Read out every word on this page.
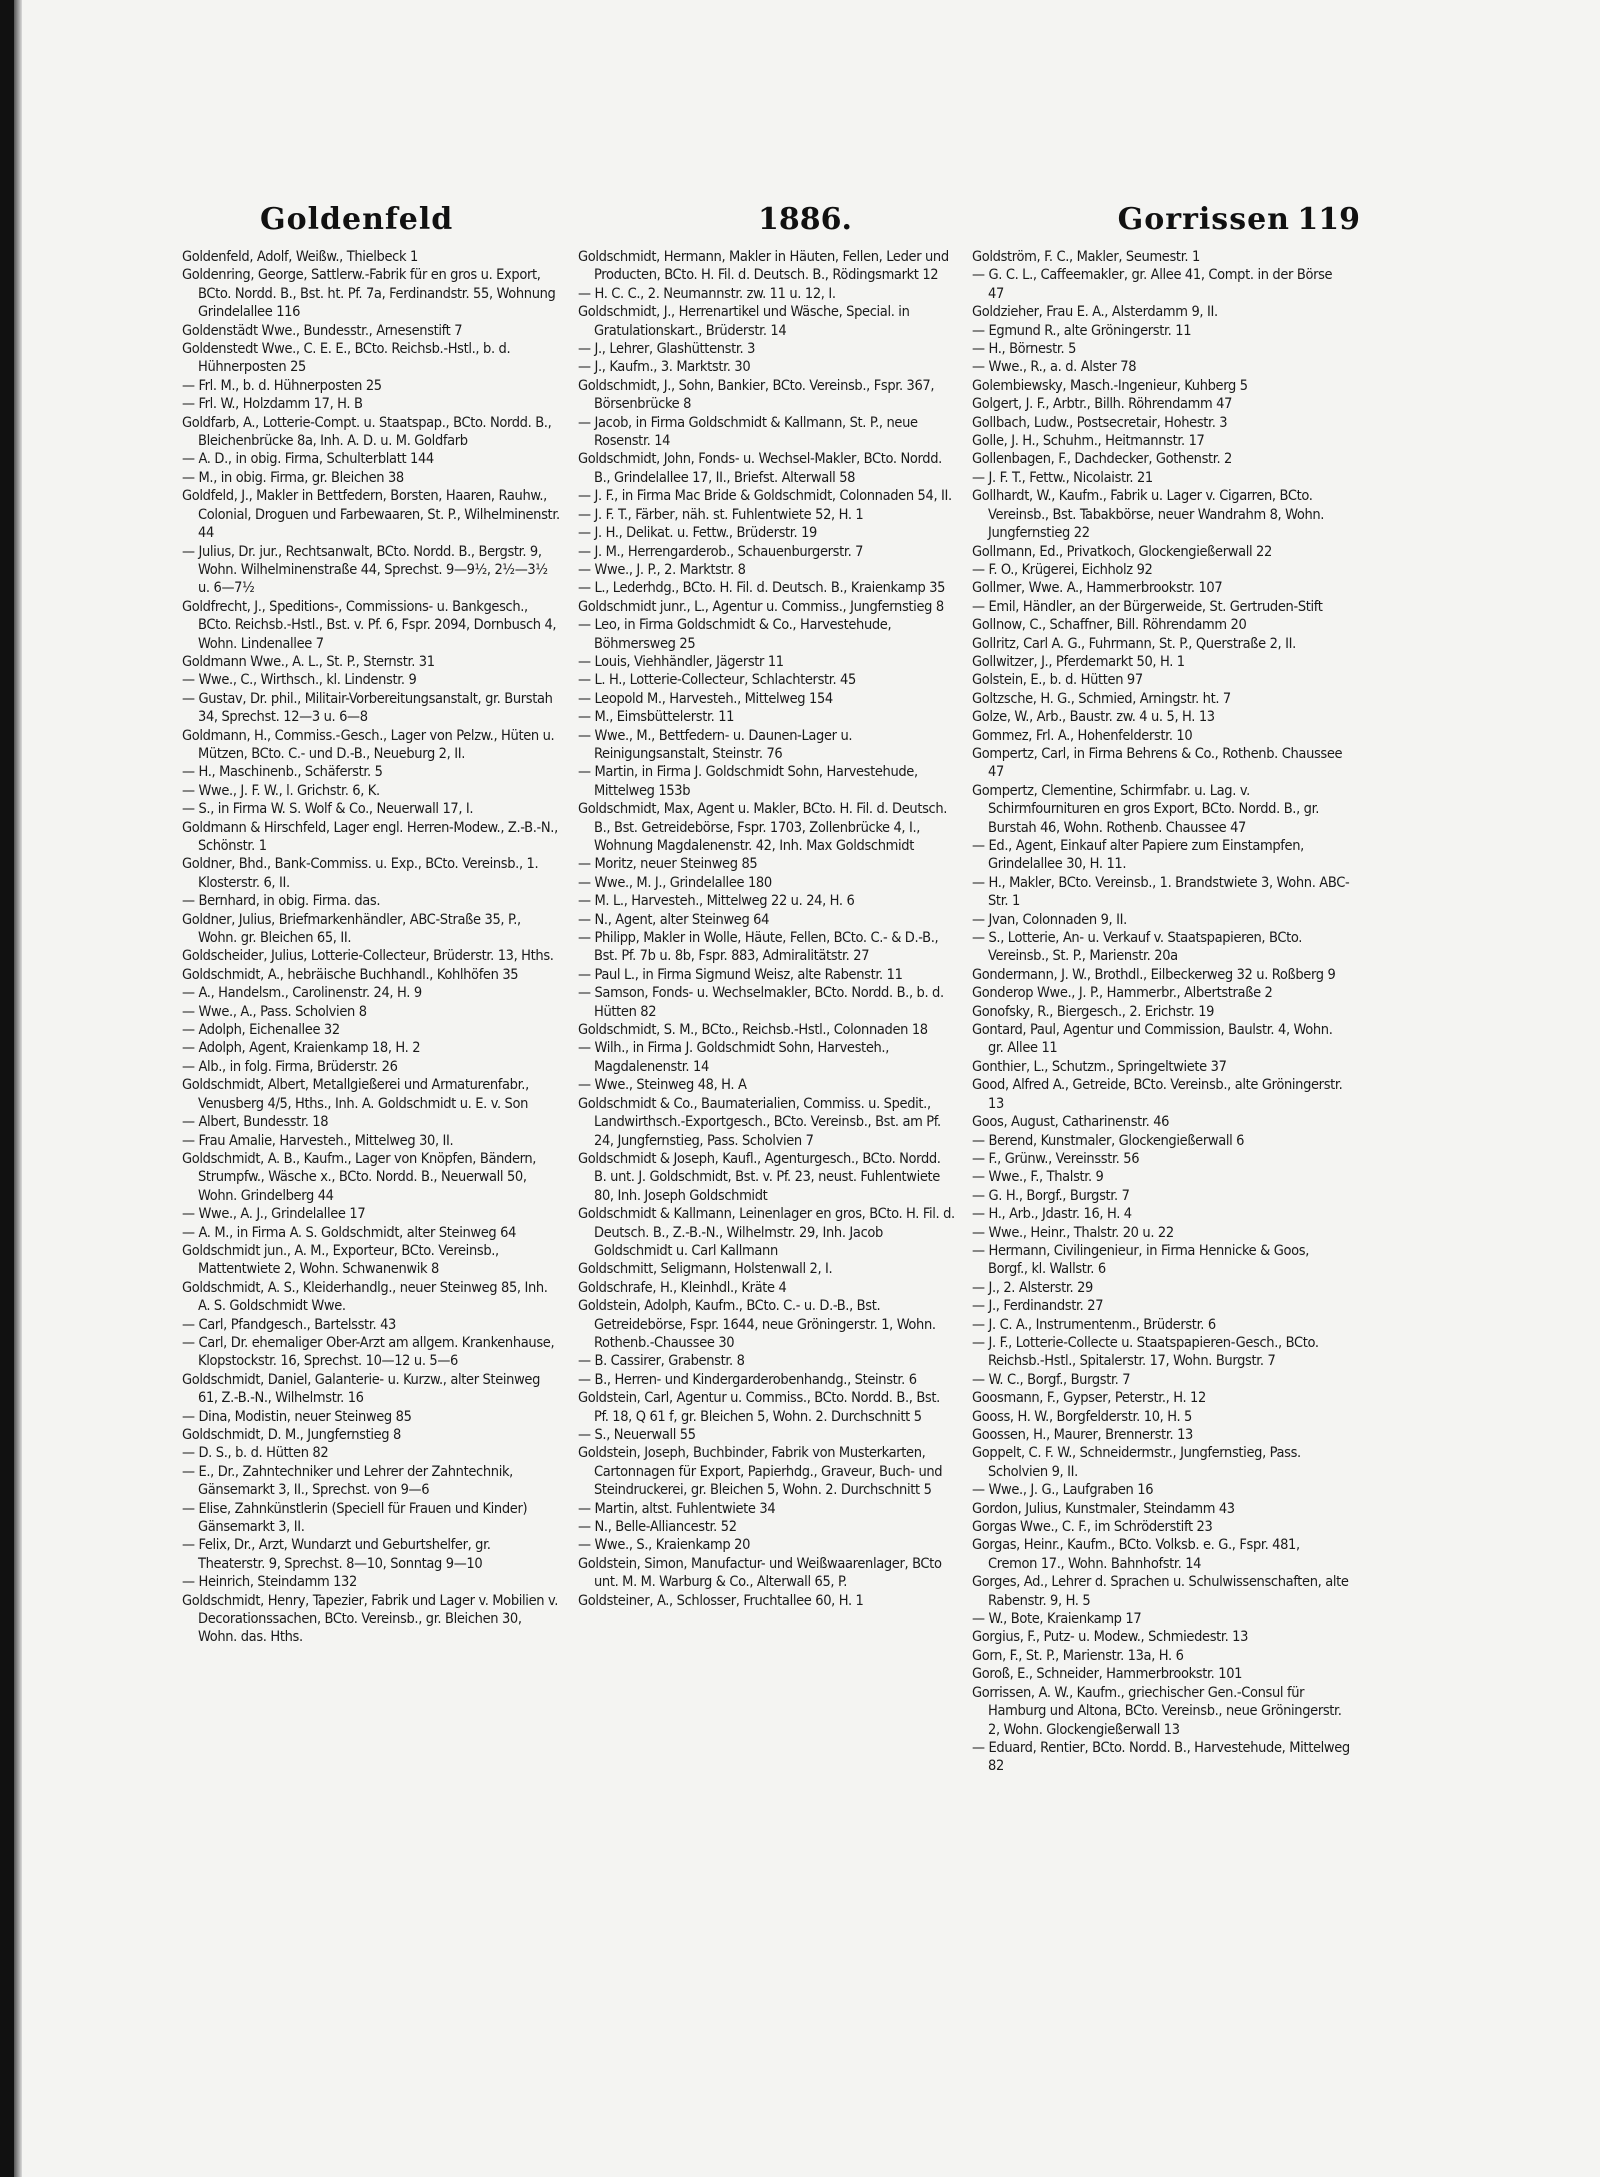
Goldenfeld	1886.	Gorrissen 119

Goldenfeld, Adolf, Weißw., Thielbeck 1

Goldenring, George, Sattlerw.-Fabrik für en gros u. Export, BCto. Nordd. B., Bst. ht. Pf. 7a, Ferdinandstr. 55, Wohnung Grindelallee 116

Goldenstädt Wwe., Bundesstr., Arnesenstift 7

Goldenstedt Wwe., C. E. E., BCto. Reichsb.-Hstl., b. d. Hühnerposten 25

— Frl. M., b. d. Hühnerposten 25

— Frl. W., Holzdamm 17, H. B

Goldfarb, A., Lotterie-Compt. u. Staatspap., BCto. Nordd. B., Bleichenbrücke 8a, Inh. A. D. u. M. Goldfarb

— A. D., in obig. Firma, Schulterblatt 144

— M., in obig. Firma, gr. Bleichen 38

Goldfeld, J., Makler in Bettfedern, Borsten, Haaren, Rauhw., Colonial, Droguen und Farbewaaren, St. P., Wilhelminenstr. 44

— Julius, Dr. jur., Rechtsanwalt, BCto. Nordd. B., Bergstr. 9, Wohn. Wilhelminenstraße 44, Sprechst. 9—9½, 2½—3½ u. 6—7½

Goldfrecht, J., Speditions-, Commissions- u. Bankgesch., BCto. Reichsb.-Hstl., Bst. v. Pf. 6, Fspr. 2094, Dornbusch 4, Wohn. Lindenallee 7

Goldmann Wwe., A. L., St. P., Sternstr. 31

— Wwe., C., Wirthsch., kl. Lindenstr. 9

— Gustav, Dr. phil., Militair-Vorbereitungsanstalt, gr. Burstah 34, Sprechst. 12—3 u. 6—8

Goldmann, H., Commiss.-Gesch., Lager von Pelzw., Hüten u. Mützen, BCto. C.- und D.-B., Neueburg 2, II.

— H., Maschinenb., Schäferstr. 5

— Wwe., J. F. W., l. Grichstr. 6, K.

— S., in Firma W. S. Wolf & Co., Neuerwall 17, I.

Goldmann & Hirschfeld, Lager engl. Herren-Modew., Z.-B.-N., Schönstr. 1

Goldner, Bhd., Bank-Commiss. u. Exp., BCto. Vereinsb., 1. Klosterstr. 6, II.

— Bernhard, in obig. Firma. das.

Goldner, Julius, Briefmarkenhändler, ABC-Straße 35, P., Wohn. gr. Bleichen 65, II.

Goldscheider, Julius, Lotterie-Collecteur, Brüderstr. 13, Hths.

Goldschmidt, A., hebräische Buchhandl., Kohlhöfen 35

— A., Handelsm., Carolinenstr. 24, H. 9

— Wwe., A., Pass. Scholvien 8

— Adolph, Eichenallee 32

— Adolph, Agent, Kraienkamp 18, H. 2

— Alb., in folg. Firma, Brüderstr. 26

Goldschmidt, Albert, Metallgießerei und Armaturenfabr., Venusberg 4/5, Hths., Inh. A. Goldschmidt u. E. v. Son

— Albert, Bundesstr. 18

— Frau Amalie, Harvesteh., Mittelweg 30, II.

Goldschmidt, A. B., Kaufm., Lager von Knöpfen, Bändern, Strumpfw., Wäsche x., BCto. Nordd. B., Neuerwall 50, Wohn. Grindelberg 44

— Wwe., A. J., Grindelallee 17

— A. M., in Firma A. S. Goldschmidt, alter Steinweg 64

Goldschmidt jun., A. M., Exporteur, BCto. Vereinsb., Mattentwiete 2, Wohn. Schwanenwik 8

Goldschmidt, A. S., Kleiderhandlg., neuer Steinweg 85, Inh. A. S. Goldschmidt Wwe.

— Carl, Pfandgesch., Bartelsstr. 43

— Carl, Dr. ehemaliger Ober-Arzt am allgem. Krankenhause, Klopstockstr. 16, Sprechst. 10—12 u. 5—6

Goldschmidt, Daniel, Galanterie- u. Kurzw., alter Steinweg 61, Z.-B.-N., Wilhelmstr. 16

— Dina, Modistin, neuer Steinweg 85

Goldschmidt, D. M., Jungfernstieg 8

— D. S., b. d. Hütten 82

— E., Dr., Zahntechniker und Lehrer der Zahntechnik, Gänsemarkt 3, II., Sprechst. von 9—6

— Elise, Zahnkünstlerin (Speciell für Frauen und Kinder) Gänsemarkt 3, II.

— Felix, Dr., Arzt, Wundarzt und Geburtshelfer, gr. Theaterstr. 9, Sprechst. 8—10, Sonntag 9—10

— Heinrich, Steindamm 132

Goldschmidt, Henry, Tapezier, Fabrik und Lager v. Mobilien v. Decorationssachen, BCto. Vereinsb., gr. Bleichen 30, Wohn. das. Hths.

Goldschmidt, Hermann, Makler in Häuten, Fellen, Leder und Producten, BCto. H. Fil. d. Deutsch. B., Rödingsmarkt 12

— H. C. C., 2. Neumannstr. zw. 11 u. 12, I.

Goldschmidt, J., Herrenartikel und Wäsche, Special. in Gratulationskart., Brüderstr. 14

— J., Lehrer, Glashüttenstr. 3

— J., Kaufm., 3. Marktstr. 30

Goldschmidt, J., Sohn, Bankier, BCto. Vereinsb., Fspr. 367, Börsenbrücke 8

— Jacob, in Firma Goldschmidt & Kallmann, St. P., neue Rosenstr. 14

Goldschmidt, John, Fonds- u. Wechsel-Makler, BCto. Nordd. B., Grindelallee 17, II., Briefst. Alterwall 58

— J. F., in Firma Mac Bride & Goldschmidt, Colonnaden 54, II.

— J. F. T., Färber, näh. st. Fuhlentwiete 52, H. 1

— J. H., Delikat. u. Fettw., Brüderstr. 19

— J. M., Herrengarderob., Schauenburgerstr. 7

— Wwe., J. P., 2. Marktstr. 8

— L., Lederhdg., BCto. H. Fil. d. Deutsch. B., Kraienkamp 35

Goldschmidt junr., L., Agentur u. Commiss., Jungfernstieg 8

— Leo, in Firma Goldschmidt & Co., Harvestehude, Böhmersweg 25

— Louis, Viehhändler, Jägerstr 11

— L. H., Lotterie-Collecteur, Schlachterstr. 45

— Leopold M., Harvesteh., Mittelweg 154

— M., Eimsbüttelerstr. 11

— Wwe., M., Bettfedern- u. Daunen-Lager u. Reinigungsanstalt, Steinstr. 76

— Martin, in Firma J. Goldschmidt Sohn, Harvestehude, Mittelweg 153b

Goldschmidt, Max, Agent u. Makler, BCto. H. Fil. d. Deutsch. B., Bst. Getreidebörse, Fspr. 1703, Zollenbrücke 4, I., Wohnung Magdalenenstr. 42, Inh. Max Goldschmidt

— Moritz, neuer Steinweg 85

— Wwe., M. J., Grindelallee 180

— M. L., Harvesteh., Mittelweg 22 u. 24, H. 6

— N., Agent, alter Steinweg 64

— Philipp, Makler in Wolle, Häute, Fellen, BCto. C.- & D.-B., Bst. Pf. 7b u. 8b, Fspr. 883, Admiralitätstr. 27

— Paul L., in Firma Sigmund Weisz, alte Rabenstr. 11

— Samson, Fonds- u. Wechselmakler, BCto. Nordd. B., b. d. Hütten 82

Goldschmidt, S. M., BCto., Reichsb.-Hstl., Colonnaden 18

— Wilh., in Firma J. Goldschmidt Sohn, Harvesteh., Magdalenenstr. 14

— Wwe., Steinweg 48, H. A

Goldschmidt & Co., Baumaterialien, Commiss. u. Spedit., Landwirthsch.-Exportgesch., BCto. Vereinsb., Bst. am Pf. 24, Jungfernstieg, Pass. Scholvien 7

Goldschmidt & Joseph, Kaufl., Agenturgesch., BCto. Nordd. B. unt. J. Goldschmidt, Bst. v. Pf. 23, neust. Fuhlentwiete 80, Inh. Joseph Goldschmidt

Goldschmidt & Kallmann, Leinenlager en gros, BCto. H. Fil. d. Deutsch. B., Z.-B.-N., Wilhelmstr. 29, Inh. Jacob Goldschmidt u. Carl Kallmann

Goldschmitt, Seligmann, Holstenwall 2, I.

Goldschrafe, H., Kleinhdl., Kräte 4

Goldstein, Adolph, Kaufm., BCto. C.- u. D.-B., Bst. Getreidebörse, Fspr. 1644, neue Gröningerstr. 1, Wohn. Rothenb.-Chaussee 30

— B. Cassirer, Grabenstr. 8

— B., Herren- und Kindergarderobenhandg., Steinstr. 6

Goldstein, Carl, Agentur u. Commiss., BCto. Nordd. B., Bst. Pf. 18, Q 61 f, gr. Bleichen 5, Wohn. 2. Durchschnitt 5

— S., Neuerwall 55

Goldstein, Joseph, Buchbinder, Fabrik von Musterkarten, Cartonnagen für Export, Papierhdg., Graveur, Buch- und Steindruckerei, gr. Bleichen 5, Wohn. 2. Durchschnitt 5

— Martin, altst. Fuhlentwiete 34

— N., Belle-Alliancestr. 52

— Wwe., S., Kraienkamp 20

Goldstein, Simon, Manufactur- und Weißwaarenlager, BCto unt. M. M. Warburg & Co., Alterwall 65, P.

Goldsteiner, A., Schlosser, Fruchtallee 60, H. 1

Goldström, F. C., Makler, Seumestr. 1

— G. C. L., Caffeemakler, gr. Allee 41, Compt. in der Börse 47

Goldzieher, Frau E. A., Alsterdamm 9, II.

— Egmund R., alte Gröningerstr. 11

— H., Börnestr. 5

— Wwe., R., a. d. Alster 78

Golembiewsky, Masch.-Ingenieur, Kuhberg 5

Golgert, J. F., Arbtr., Billh. Röhrendamm 47

Gollbach, Ludw., Postsecretair, Hohestr. 3

Golle, J. H., Schuhm., Heitmannstr. 17

Gollenbagen, F., Dachdecker, Gothenstr. 2

— J. F. T., Fettw., Nicolaistr. 21

Gollhardt, W., Kaufm., Fabrik u. Lager v. Cigarren, BCto. Vereinsb., Bst. Tabakbörse, neuer Wandrahm 8, Wohn. Jungfernstieg 22

Gollmann, Ed., Privatkoch, Glockengießerwall 22

— F. O., Krügerei, Eichholz 92

Gollmer, Wwe. A., Hammerbrookstr. 107

— Emil, Händler, an der Bürgerweide, St. Gertruden-Stift

Gollnow, C., Schaffner, Bill. Röhrendamm 20

Gollritz, Carl A. G., Fuhrmann, St. P., Querstraße 2, II.

Gollwitzer, J., Pferdemarkt 50, H. 1

Golstein, E., b. d. Hütten 97

Goltzsche, H. G., Schmied, Arningstr. ht. 7

Golze, W., Arb., Baustr. zw. 4 u. 5, H. 13

Gommez, Frl. A., Hohenfelderstr. 10

Gompertz, Carl, in Firma Behrens & Co., Rothenb. Chaussee 47

Gompertz, Clementine, Schirmfabr. u. Lag. v. Schirmfournituren en gros Export, BCto. Nordd. B., gr. Burstah 46, Wohn. Rothenb. Chaussee 47

— Ed., Agent, Einkauf alter Papiere zum Einstampfen, Grindelallee 30, H. 11.

— H., Makler, BCto. Vereinsb., 1. Brandstwiete 3, Wohn. ABC-Str. 1

— Jvan, Colonnaden 9, II.

— S., Lotterie, An- u. Verkauf v. Staatspapieren, BCto. Vereinsb., St. P., Marienstr. 20a

Gondermann, J. W., Brothdl., Eilbeckerweg 32 u. Roßberg 9

Gonderop Wwe., J. P., Hammerbr., Albertstraße 2

Gonofsky, R., Biergesch., 2. Erichstr. 19

Gontard, Paul, Agentur und Commission, Baulstr. 4, Wohn. gr. Allee 11

Gonthier, L., Schutzm., Springeltwiete 37

Good, Alfred A., Getreide, BCto. Vereinsb., alte Gröningerstr. 13

Goos, August, Catharinenstr. 46

— Berend, Kunstmaler, Glockengießerwall 6

— F., Grünw., Vereinsstr. 56

— Wwe., F., Thalstr. 9

— G. H., Borgf., Burgstr. 7

— H., Arb., Jdastr. 16, H. 4

— Wwe., Heinr., Thalstr. 20 u. 22

— Hermann, Civilingenieur, in Firma Hennicke & Goos, Borgf., kl. Wallstr. 6

— J., 2. Alsterstr. 29

— J., Ferdinandstr. 27

— J. C. A., Instrumentenm., Brüderstr. 6

— J. F., Lotterie-Collecte u. Staatspapieren-Gesch., BCto. Reichsb.-Hstl., Spitalerstr. 17, Wohn. Burgstr. 7

— W. C., Borgf., Burgstr. 7

Goosmann, F., Gypser, Peterstr., H. 12

Gooss, H. W., Borgfelderstr. 10, H. 5

Goossen, H., Maurer, Brennerstr. 13

Goppelt, C. F. W., Schneidermstr., Jungfernstieg, Pass. Scholvien 9, II.

— Wwe., J. G., Laufgraben 16

Gordon, Julius, Kunstmaler, Steindamm 43

Gorgas Wwe., C. F., im Schröderstift 23

Gorgas, Heinr., Kaufm., BCto. Volksb. e. G., Fspr. 481, Cremon 17., Wohn. Bahnhofstr. 14

Gorges, Ad., Lehrer d. Sprachen u. Schulwissenschaften, alte Rabenstr. 9, H. 5

— W., Bote, Kraienkamp 17

Gorgius, F., Putz- u. Modew., Schmiedestr. 13

Gorn, F., St. P., Marienstr. 13a, H. 6

Goroß, E., Schneider, Hammerbrookstr. 101

Gorrissen, A. W., Kaufm., griechischer Gen.-Consul für Hamburg und Altona, BCto. Vereinsb., neue Gröningerstr. 2, Wohn. Glockengießerwall 13

— Eduard, Rentier, BCto. Nordd. B., Harvestehude, Mittelweg 82
